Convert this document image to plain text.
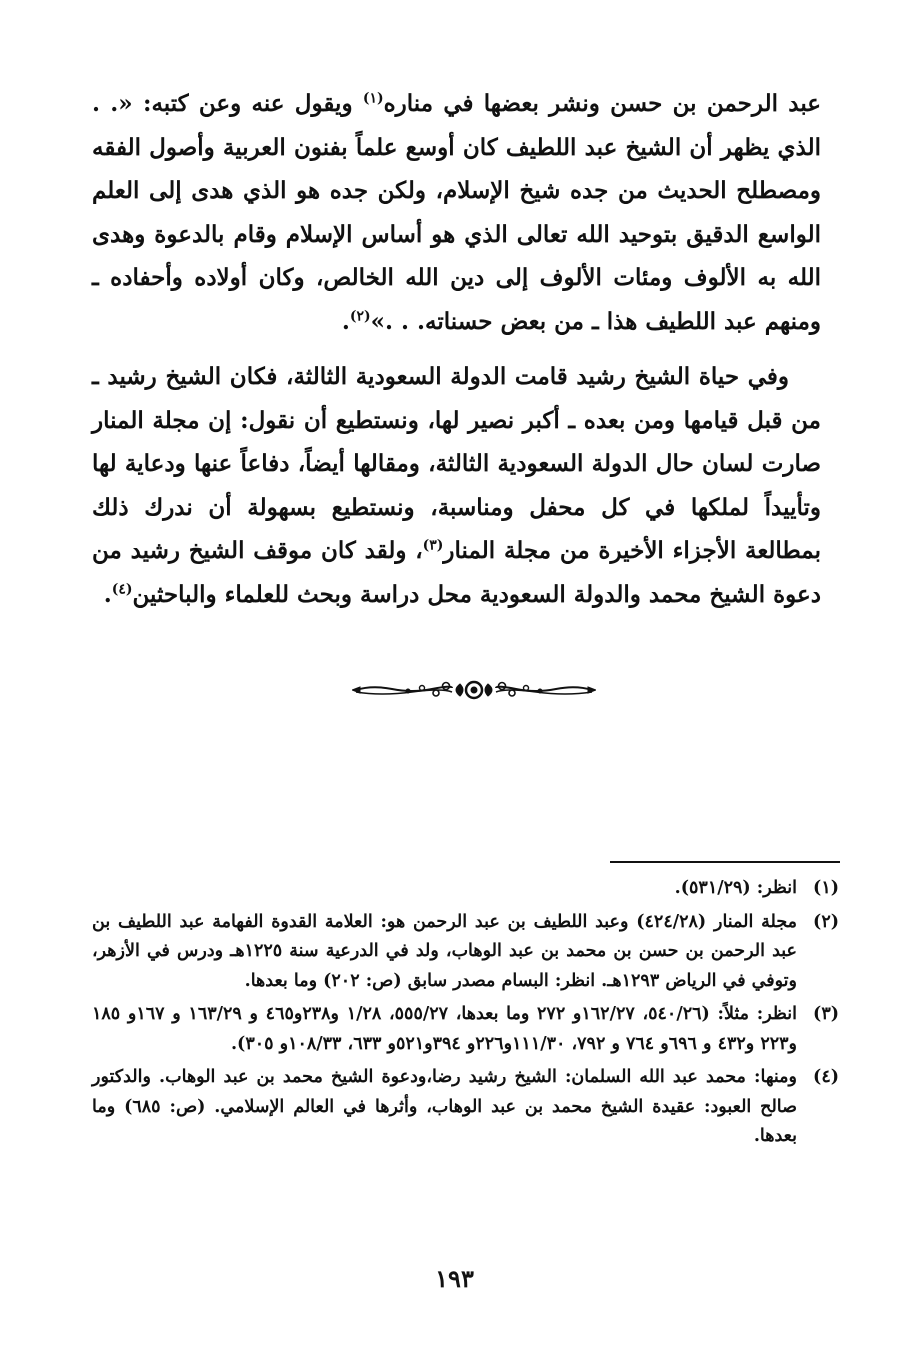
عبد الرحمن بن حسن ونشر بعضها في مناره$^{(١)}$ ويقول عنه وعن كتبه: «. . الذي يظهر أن الشيخ عبد اللطيف كان أوسع علماً بفنون العربية وأصول الفقه ومصطلح الحديث من جده شيخ الإسلام، ولكن جده هو الذي هدى إلى العلم الواسع الدقيق بتوحيد الله تعالى الذي هو أساس الإسلام وقام بالدعوة وهدى الله به الألوف ومئات الألوف إلى دين الله الخالص، وكان أولاده وأحفاده ـ ومنهم عبد اللطيف هذا ـ من بعض حسناته. . .»$^{(٢)}$.

وفي حياة الشيخ رشيد قامت الدولة السعودية الثالثة، فكان الشيخ رشيد ـ من قبل قيامها ومن بعده ـ أكبر نصير لها، ونستطيع أن نقول: إن مجلة المنار صارت لسان حال الدولة السعودية الثالثة، ومقالها أيضاً، دفاعاً عنها ودعاية لها وتأييداً لملكها في كل محفل ومناسبة، ونستطيع بسهولة أن ندرك ذلك بمطالعة الأجزاء الأخيرة من مجلة المنار$^{(٣)}$، ولقد كان موقف الشيخ رشيد من دعوة الشيخ محمد والدولة السعودية محل دراسة وبحث للعلماء والباحثين$^{(٤)}$.

(١)
انظر: (٥٣١/٢٩).
(٢)
مجلة المنار (٤٢٤/٢٨) وعبد اللطيف بن عبد الرحمن هو: العلامة القدوة الفهامة عبد اللطيف بن عبد الرحمن بن حسن بن محمد بن عبد الوهاب، ولد في الدرعية سنة ١٢٢٥هـ ودرس في الأزهر، وتوفي في الرياض ١٢٩٣هـ. انظر: البسام مصدر سابق (ص: ٢٠٢) وما بعدها.
(٣)
انظر: مثلاً: (٥٤٠/٢٦، ١٦٢/٢٧و ٢٧٢ وما بعدها، ٥٥٥/٢٧، ١/٢٨ و٢٣٨و٤٦٥ و ١٦٣/٢٩ و ١٦٧و ١٨٥ و٢٢٣ و٤٣٢ و ٦٩٦و ٧٦٤ و ٧٩٢، ١١١/٣٠و٢٢٦و ٣٩٤و٥٢١و ٦٣٣، ١٠٨/٣٣و ٣٠٥).
(٤)
ومنها: محمد عبد الله السلمان: الشيخ رشيد رضا،ودعوة الشيخ محمد بن عبد الوهاب. والدكتور صالح العبود: عقيدة الشيخ محمد بن عبد الوهاب، وأثرها في العالم الإسلامي. (ص: ٦٨٥) وما بعدها.
١٩٣
